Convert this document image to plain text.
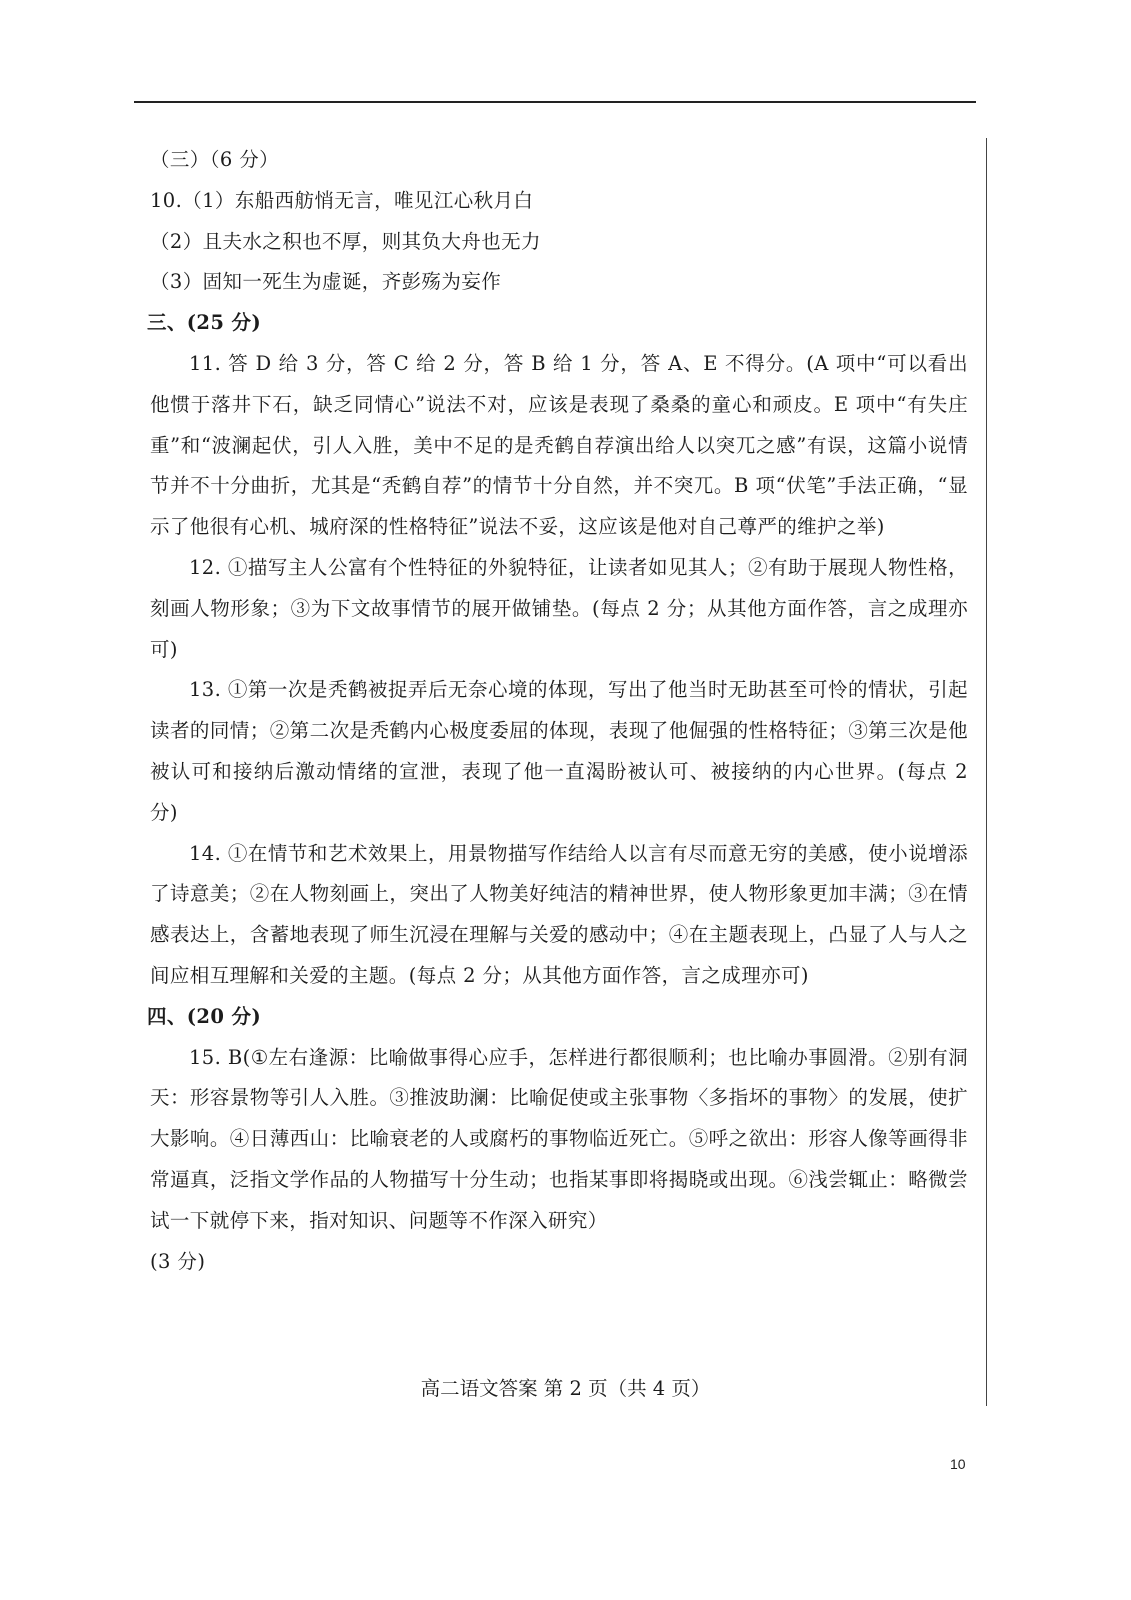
（三）（6 分）

10.（1）东船西舫悄无言，唯见江心秋月白

（2）且夫水之积也不厚，则其负大舟也无力

（3）固知一死生为虚诞，齐彭殇为妄作

三、(25 分)

11. 答 D 给 3 分，答 C 给 2 分，答 B 给 1 分，答 A、E 不得分。(A 项中“可以看出他惯于落井下石，缺乏同情心”说法不对，应该是表现了桑桑的童心和顽皮。E 项中“有失庄重”和“波澜起伏，引人入胜，美中不足的是秃鹤自荐演出给人以突兀之感”有误，这篇小说情节并不十分曲折，尤其是“秃鹤自荐”的情节十分自然，并不突兀。B 项“伏笔”手法正确，“显示了他很有心机、城府深的性格特征”说法不妥，这应该是他对自己尊严的维护之举)

12. ①描写主人公富有个性特征的外貌特征，让读者如见其人；②有助于展现人物性格，刻画人物形象；③为下文故事情节的展开做铺垫。(每点 2 分；从其他方面作答，言之成理亦可)

13. ①第一次是秃鹤被捉弄后无奈心境的体现，写出了他当时无助甚至可怜的情状，引起读者的同情；②第二次是秃鹤内心极度委屈的体现，表现了他倔强的性格特征；③第三次是他被认可和接纳后激动情绪的宣泄，表现了他一直渴盼被认可、被接纳的内心世界。(每点 2 分)

14. ①在情节和艺术效果上，用景物描写作结给人以言有尽而意无穷的美感，使小说增添了诗意美；②在人物刻画上，突出了人物美好纯洁的精神世界，使人物形象更加丰满；③在情感表达上，含蓄地表现了师生沉浸在理解与关爱的感动中；④在主题表现上，凸显了人与人之间应相互理解和关爱的主题。(每点 2 分；从其他方面作答，言之成理亦可)

四、(20 分)

15. B(①左右逢源：比喻做事得心应手，怎样进行都很顺利；也比喻办事圆滑。②别有洞天：形容景物等引人入胜。③推波助澜：比喻促使或主张事物〈多指坏的事物〉的发展，使扩大影响。④日薄西山：比喻衰老的人或腐朽的事物临近死亡。⑤呼之欲出：形容人像等画得非常逼真，泛指文学作品的人物描写十分生动；也指某事即将揭晓或出现。⑥浅尝辄止：略微尝试一下就停下来，指对知识、问题等不作深入研究）

(3 分)

高二语文答案 第 2 页（共 4 页）
10
